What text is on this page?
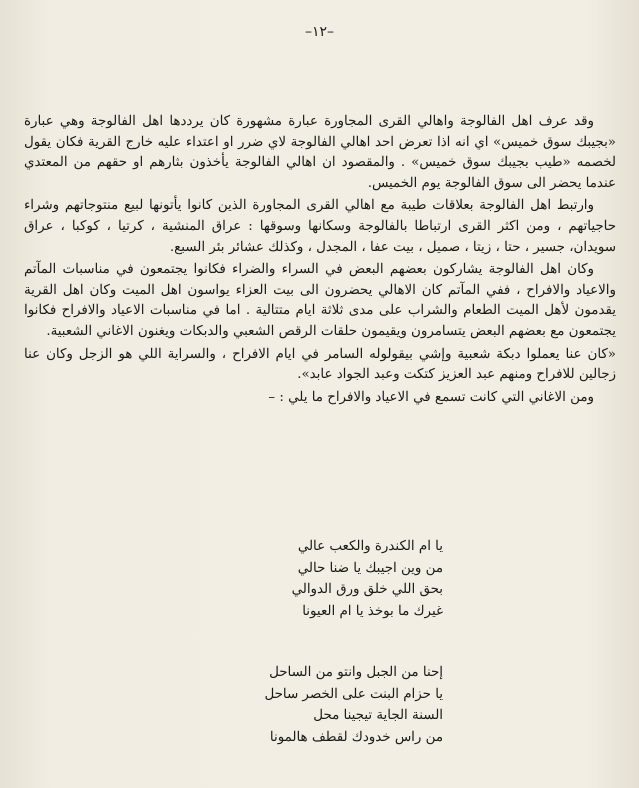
–١٢–

وقد عرف اهل الفالوجة واهالي القرى المجاورة عبارة مشهورة كان يرددها اهل الفالوجة وهي عبارة «بجيبك سوق خميس» اي انه اذا تعرض احد اهالي الفالوجة لاي ضرر او اعتداء عليه خارج القرية فكان يقول لخصمه «طيب بجيبك سوق خميس» . والمقصود ان اهالي الفالوجة يأخذون بثارهم او حقهم من المعتدي عندما يحضر الى سوق الفالوجة يوم الخميس.

وارتبط اهل الفالوجة بعلاقات طيبة مع اهالي القرى المجاورة الذين كانوا يأتونها لبيع منتوجاتهم وشراء حاجياتهم ، ومن اكثر القرى ارتباطا بالفالوجة وسكانها وسوقها : عراق المنشية ، كرتيا ، كوكبا ، عراق سويدان، جسير ، حتا ، زيتا ، صميل ، بيت عفا ، المجدل ، وكذلك عشائر بئر السبع.

وكان اهل الفالوجة يشاركون بعضهم البعض في السراء والضراء فكانوا يجتمعون في مناسبات المآتم والاعياد والافراح ، ففي المآتم كان الاهالي يحضرون الى بيت العزاء يواسون اهل الميت وكان اهل القرية يقدمون لأهل الميت الطعام والشراب على مدى ثلاثة ايام متتالية . اما في مناسبات الاعياد والافراح فكانوا يجتمعون مع بعضهم البعض يتسامرون ويقيمون حلقات الرقص الشعبي والدبكات ويغنون الاغاني الشعبية.

«كان عنا يعملوا دبكة شعبية وإشي بيقولوله السامر في ايام الافراح ، والسراية اللي هو الزجل وكان عنا زجالين للافراح ومنهم عبد العزيز كتكت وعبد الجواد عابد».

ومن الاغاني التي كانت تسمع في الاعياد والافراح ما يلي : –

يا ام الكندرة والكعب عالي
من وين اجيبك يا ضنا حالي
بحق اللي خلق ورق الدوالي
غيرك ما بوخذ يا ام العيونا
إحنا من الجبل وانتو من الساحل
يا حزام البنت على الخصر ساحل
السنة الجاية تيجينا محل
من راس خدودك لقطف هالمونا
